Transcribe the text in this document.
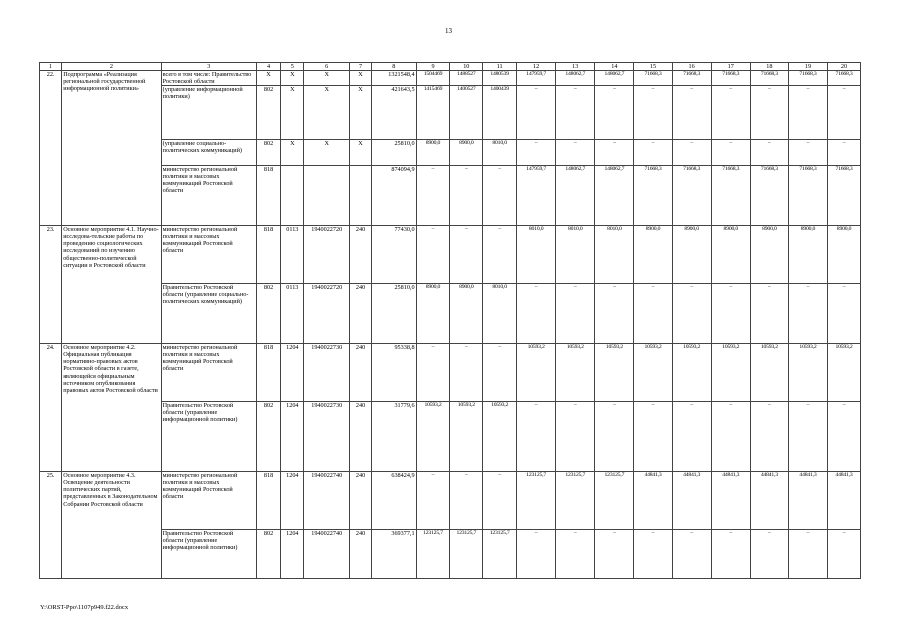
13
1	2	3	4	5	6	7	8	9	10	11	12	13	14	15	16	17	18	19	20
22.	Подпрограмма «Реализация региональной государственной информационной политики»	всего в том числе: Правительство Ростовской области	X	X	X	X	1321548,4	1504469	1488527	1480539	147959,7	148062,7	148062,7	71668,3	71668,3	71668,3	71668,3	71668,3	71668,3
		(управление информационной политики)	802	X	X	X	421643,5	1415469	1400527	1400439	–	–	–	–	–	–	–	–	–
		(управление социально-политических коммуникаций)	802	X	X	X	25810,0	8900,0	8900,0	8010,0	–	–	–	–	–	–	–	–	–
		министерство региональной политики и массовых коммуникаций Ростовской области	818				874094,9	–	–	–	147959,7	148062,7	148062,7	71668,3	71668,3	71668,3	71668,3	71668,3	71668,3
23.	Основное мероприятие 4.1. Научно-исследова-тельские работы по проведению социологических исследований по изучению общественно-политической ситуации в Ростовской области	министерство региональной политики и массовых коммуникаций Ростовской области	818	0113	1940022720	240	77430,0	–	–	–	8010,0	8010,0	8010,0	8900,0	8900,0	8900,0	8900,0	8900,0	8900,0
		Правительство Ростовской области (управление социально-политических коммуникаций)	802	0113	1940022720	240	25810,0	8900,0	8900,0	8010,0	–	–	–	–	–	–	–	–	–
24.	Основное мероприятие 4.2. Официальная публикация нормативно-правовых актов Ростовской области в газете, являющейся официальным источником опубликования правовых актов Ростовской области	министерство региональной политики и массовых коммуникаций Ростовской области	818	1204	1940022730	240	95338,8	–	–	–	10593,2	10593,2	10593,2	10593,2	10593,2	10593,2	10593,2	10593,2	10593,2
		Правительство Ростовской области (управление информационной политики)	802	1204	1940022730	240	31779,6	10593,2	10593,2	10593,2	–	–	–	–	–	–	–	–	–
25.	Основное мероприятие 4.3. Освещение деятельности политических партий, представленных в Законодательном Собрании Ростовской области	министерство региональной политики и массовых коммуникаций Ростовской области	818	1204	1940022740	240	638424,9	–	–	–	123125,7	123125,7	123125,7	44841,3	44841,3	44841,3	44841,3	44841,3	44841,3
		Правительство Ростовской области (управление информационной политики)	802	1204	1940022740	240	369377,1	123125,7	123125,7	123125,7	–	–	–	–	–	–	–	–	–
Y:\ORST-Ppo\1107p949.f22.docx
